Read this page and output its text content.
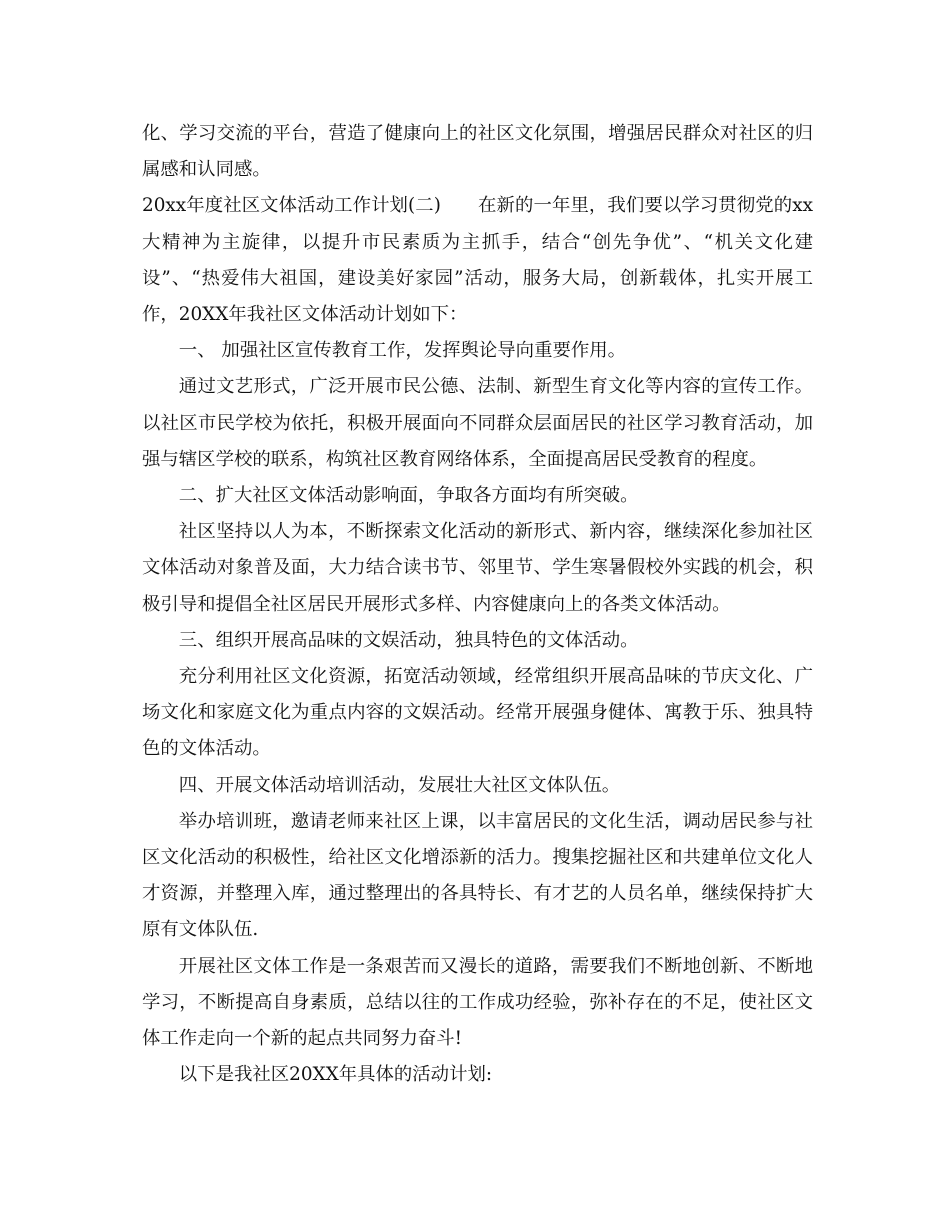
化、学习交流的平台，营造了健康向上的社区文化氛围，增强居民群众对社区的归属感和认同感。

20xx年度社区文体活动工作计划(二)　　在新的一年里，我们要以学习贯彻党的xx大精神为主旋律，以提升市民素质为主抓手，结合“创先争优”、“机关文化建设”、“热爱伟大祖国，建设美好家园”活动，服务大局，创新载体，扎实开展工作，20XX年我社区文体活动计划如下：

一、 加强社区宣传教育工作，发挥舆论导向重要作用。

通过文艺形式，广泛开展市民公德、法制、新型生育文化等内容的宣传工作。以社区市民学校为依托，积极开展面向不同群众层面居民的社区学习教育活动，加强与辖区学校的联系，构筑社区教育网络体系，全面提高居民受教育的程度。

二、扩大社区文体活动影响面，争取各方面均有所突破。

社区坚持以人为本，不断探索文化活动的新形式、新内容，继续深化参加社区文体活动对象普及面，大力结合读书节、邻里节、学生寒暑假校外实践的机会，积极引导和提倡全社区居民开展形式多样、内容健康向上的各类文体活动。

三、组织开展高品味的文娱活动，独具特色的文体活动。

充分利用社区文化资源，拓宽活动领域，经常组织开展高品味的节庆文化、广场文化和家庭文化为重点内容的文娱活动。经常开展强身健体、寓教于乐、独具特色的文体活动。

四、开展文体活动培训活动，发展壮大社区文体队伍。

举办培训班，邀请老师来社区上课，以丰富居民的文化生活，调动居民参与社区文化活动的积极性，给社区文化增添新的活力。搜集挖掘社区和共建单位文化人才资源，并整理入库，通过整理出的各具特长、有才艺的人员名单，继续保持扩大原有文体队伍.

开展社区文体工作是一条艰苦而又漫长的道路，需要我们不断地创新、不断地学习，不断提高自身素质，总结以往的工作成功经验，弥补存在的不足，使社区文体工作走向一个新的起点共同努力奋斗!

以下是我社区20XX年具体的活动计划:
